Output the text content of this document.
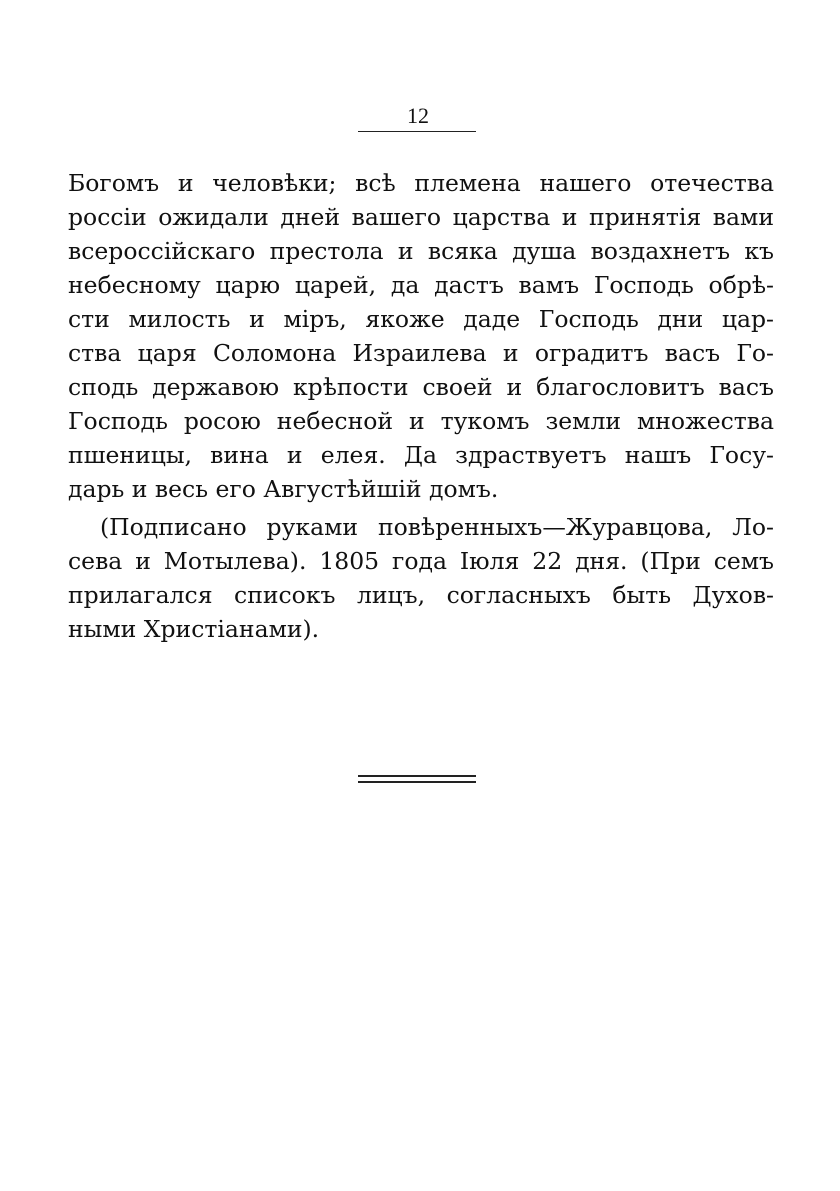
12
Богомъ и человѣки; всѣ племена нашего отечества
россіи ожидали дней вашего царства и принятія вами
всероссійскаго престола и всяка душа воздахнетъ къ
небесному царю царей, да дастъ вамъ Господь обрѣ-
сти милость и міръ, якоже даде Господь дни цар-
ства царя Соломона Израилева и оградитъ васъ Го-
сподь державою крѣпости своей и благословитъ васъ
Господь росою небесной и тукомъ земли множества
пшеницы, вина и елея. Да здраствуетъ нашъ Госу-
дарь и весь его Августѣйшій домъ.
(Подписано руками повѣренныхъ—Журавцова, Ло-
сева и Мотылева). 1805 года Іюля 22 дня. (При семъ
прилагался списокъ лицъ, согласныхъ быть Духов-
ными Христіанами).
